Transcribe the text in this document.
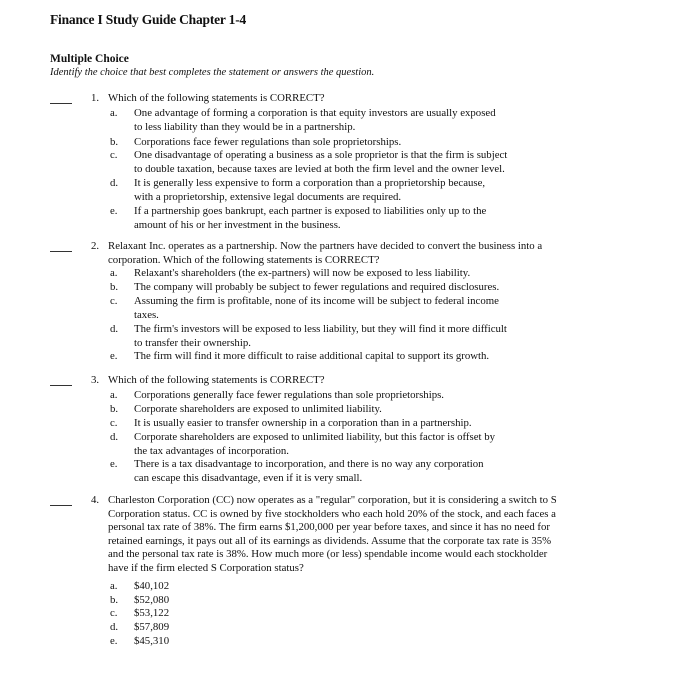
Finance I Study Guide Chapter 1-4
Multiple Choice
Identify the choice that best completes the statement or answers the question.
1. Which of the following statements is CORRECT?
a.	One advantage of forming a corporation is that equity investors are usually exposed
to less liability than they would be in a partnership.
b.	Corporations face fewer regulations than sole proprietorships.
c.	One disadvantage of operating a business as a sole proprietor is that the firm is subject
to double taxation, because taxes are levied at both the firm level and the owner level.
d.	It is generally less expensive to form a corporation than a proprietorship because,
with a proprietorship, extensive legal documents are required.
e.	If a partnership goes bankrupt, each partner is exposed to liabilities only up to the
amount of his or her investment in the business.
2. Relaxant Inc. operates as a partnership. Now the partners have decided to convert the business into a
corporation. Which of the following statements is CORRECT?
a.	Relaxant's shareholders (the ex-partners) will now be exposed to less liability.
b.	The company will probably be subject to fewer regulations and required disclosures.
c.	Assuming the firm is profitable, none of its income will be subject to federal income
taxes.
d.	The firm's investors will be exposed to less liability, but they will find it more difficult
to transfer their ownership.
e.	The firm will find it more difficult to raise additional capital to support its growth.
3. Which of the following statements is CORRECT?
a.	Corporations generally face fewer regulations than sole proprietorships.
b.	Corporate shareholders are exposed to unlimited liability.
c.	It is usually easier to transfer ownership in a corporation than in a partnership.
d.	Corporate shareholders are exposed to unlimited liability, but this factor is offset by
the tax advantages of incorporation.
e.	There is a tax disadvantage to incorporation, and there is no way any corporation
can escape this disadvantage, even if it is very small.
4. Charleston Corporation (CC) now operates as a "regular" corporation, but it is considering a switch to S
Corporation status. CC is owned by five stockholders who each hold 20% of the stock, and each faces a
personal tax rate of 38%. The firm earns $1,200,000 per year before taxes, and since it has no need for
retained earnings, it pays out all of its earnings as dividends. Assume that the corporate tax rate is 35%
and the personal tax rate is 38%. How much more (or less) spendable income would each stockholder
have if the firm elected S Corporation status?
a.	$40,102
b.	$52,080
c.	$53,122
d.	$57,809
e.	$45,310
